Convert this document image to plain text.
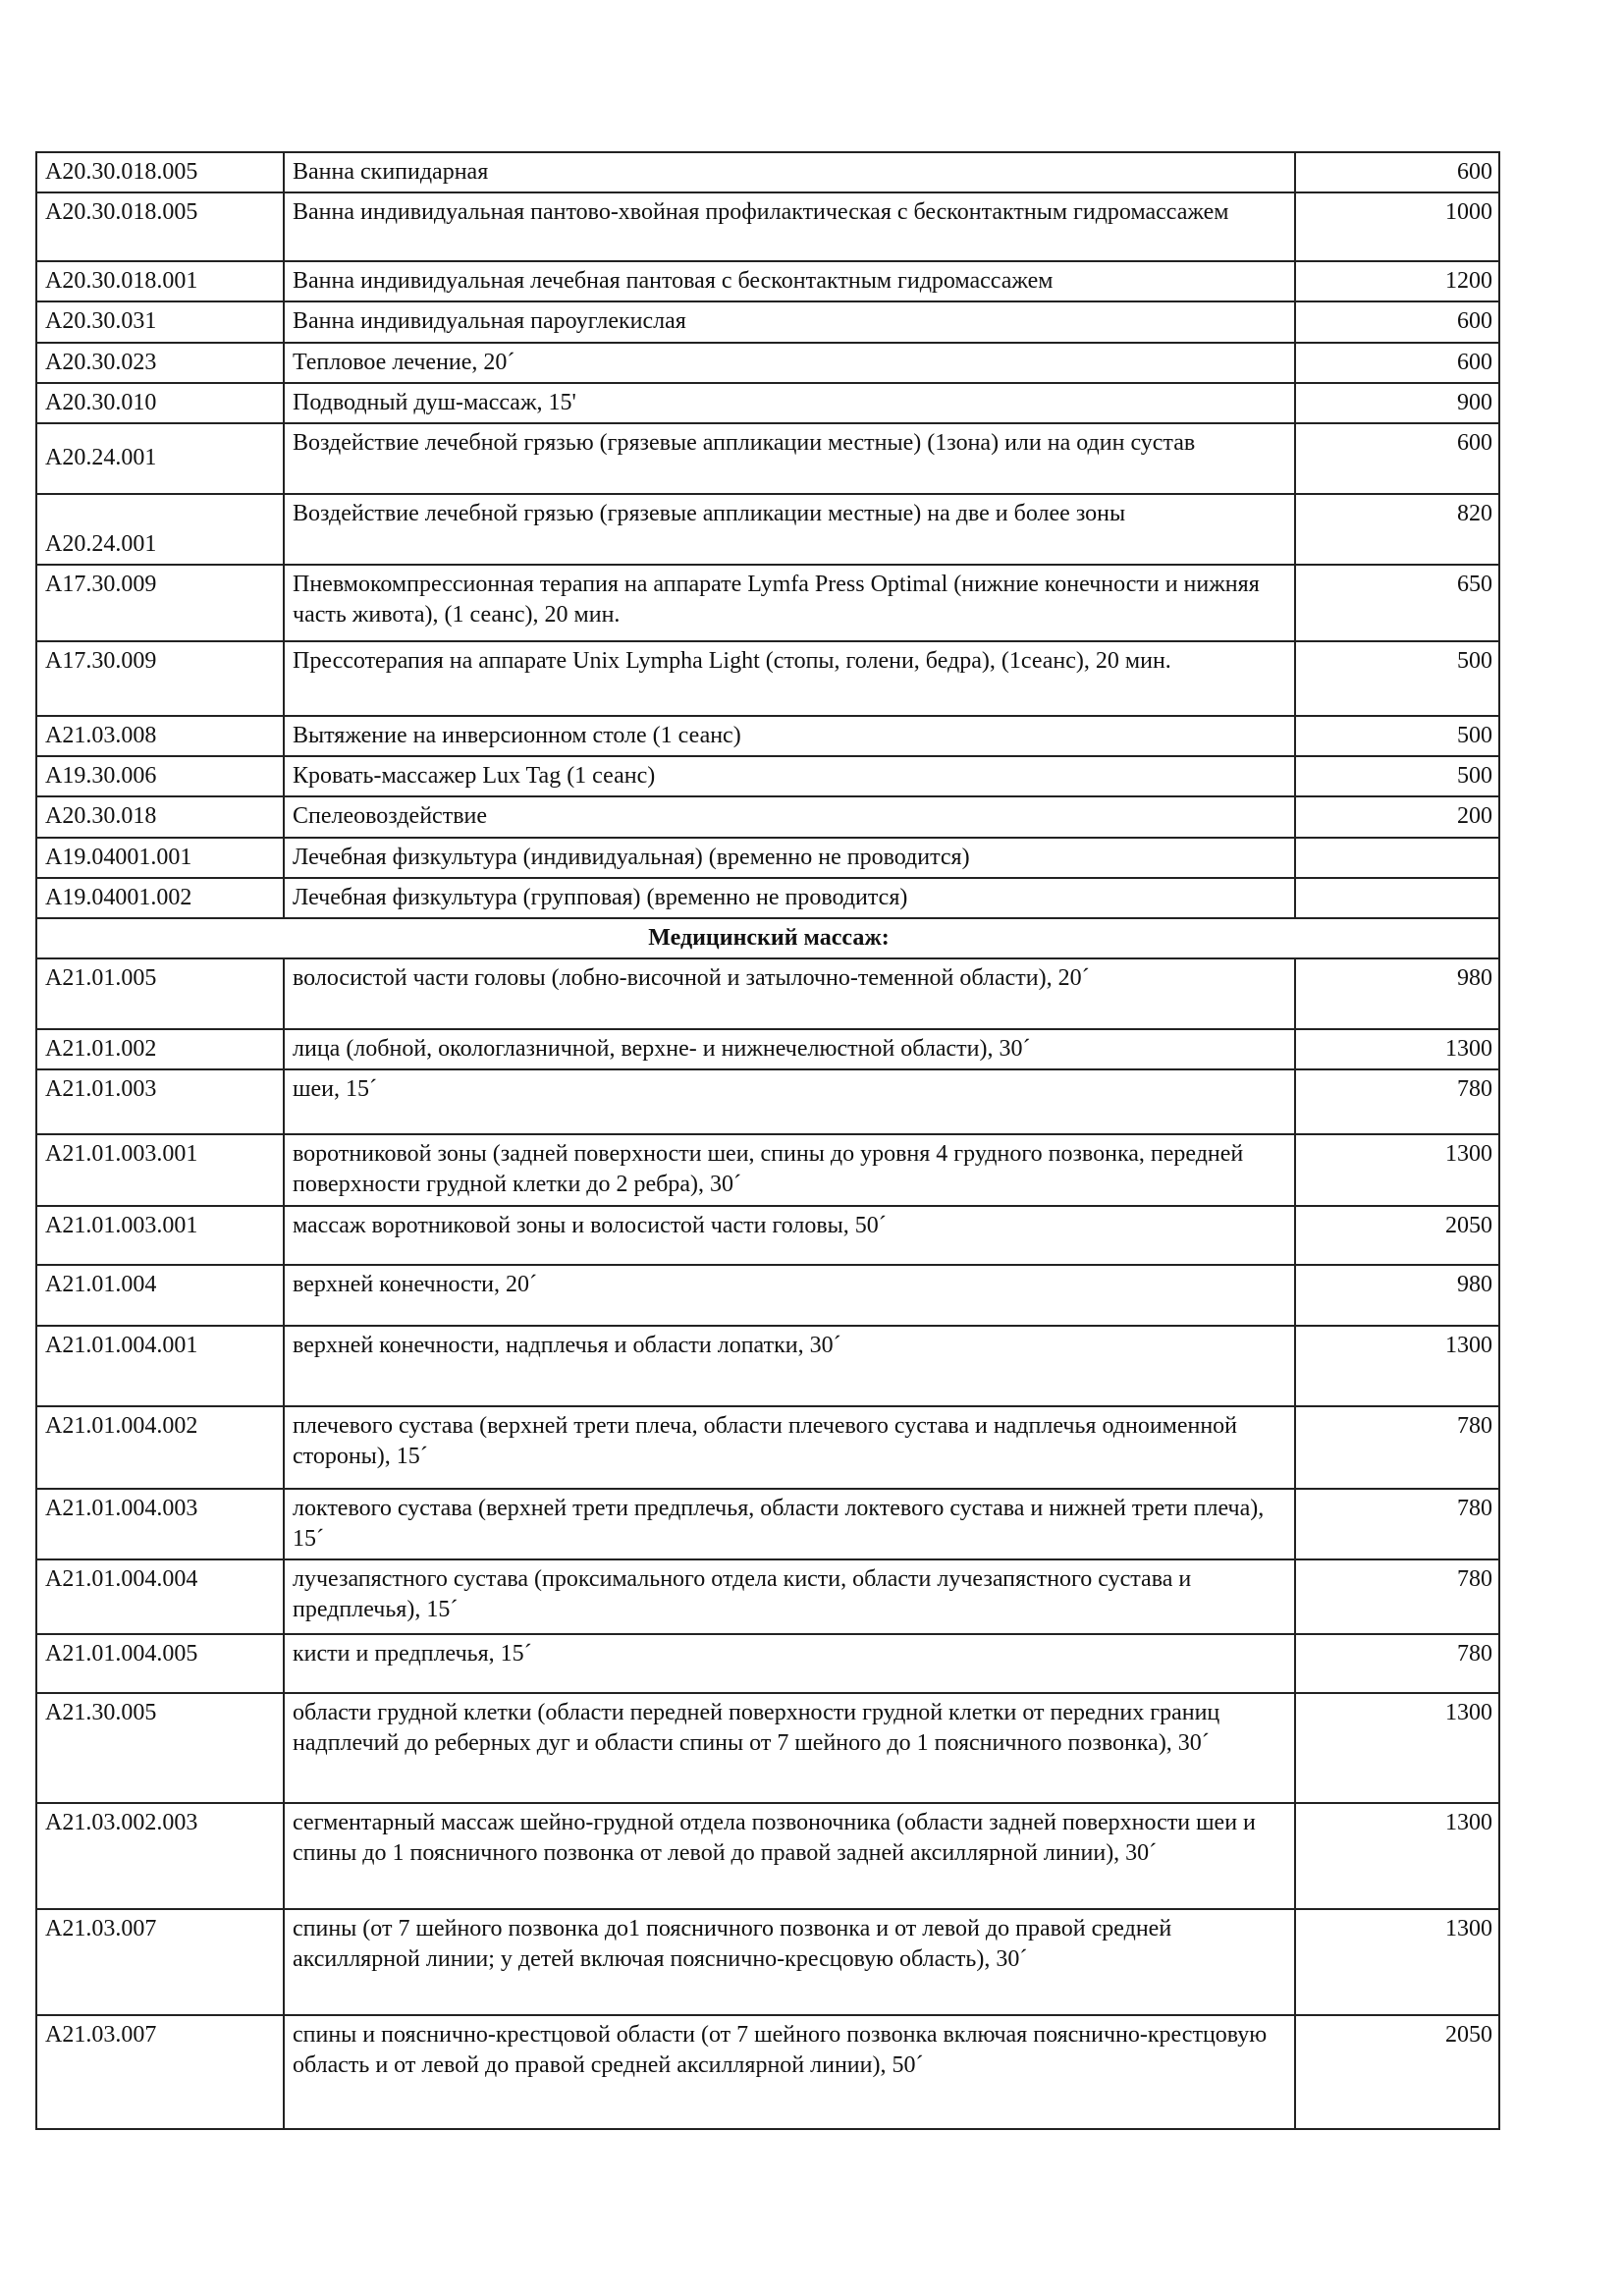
A20.30.018.005	Ванна скипидарная	600
A20.30.018.005	Ванна индивидуальная пантово-хвойная профилактическая с бесконтактным гидромассажем	1000
A20.30.018.001	Ванна индивидуальная лечебная пантовая с бесконтактным гидромассажем	1200
A20.30.031	Ванна индивидуальная пароуглекислая	600
A20.30.023	Тепловое лечение, 20´	600
A20.30.010	Подводный душ-массаж, 15'	900
A20.24.001	Воздействие лечебной грязью (грязевые аппликации местные) (1зона) или на один сустав	600
A20.24.001	Воздействие лечебной грязью (грязевые аппликации местные) на две и более зоны	820
A17.30.009	Пневмокомпрессионная терапия на аппарате Lymfa Press Optimal (нижние конечности и нижняя часть живота), (1 сеанс), 20 мин.	650
A17.30.009	Прессотерапия на аппарате Unix Lympha Light (стопы, голени, бедра), (1сеанс), 20 мин.	500
A21.03.008	Вытяжение на инверсионном столе (1 сеанс)	500
A19.30.006	Кровать-массажер Lux Tag (1 сеанс)	500
A20.30.018	Спелеовоздействие	200
A19.04001.001	Лечебная физкультура (индивидуальная) (временно не проводится)	
A19.04001.002	Лечебная физкультура (групповая) (временно не проводится)	
Медицинский массаж:		
A21.01.005	волосистой части головы (лобно-височной и затылочно-теменной области), 20´	980
A21.01.002	лица (лобной, окологлазничной, верхне- и нижнечелюстной области), 30´	1300
A21.01.003	шеи, 15´	780
A21.01.003.001	воротниковой зоны (задней поверхности шеи, спины до уровня 4 грудного позвонка, передней поверхности грудной клетки до 2 ребра), 30´	1300
A21.01.003.001	массаж воротниковой зоны и волосистой части головы, 50´	2050
A21.01.004	верхней конечности, 20´	980
A21.01.004.001	верхней конечности, надплечья и области лопатки, 30´	1300
A21.01.004.002	плечевого сустава (верхней трети плеча, области плечевого сустава и надплечья одноименной стороны), 15´	780
A21.01.004.003	локтевого сустава (верхней трети предплечья, области локтевого сустава и нижней трети плеча), 15´	780
A21.01.004.004	лучезапястного сустава (проксимального отдела кисти, области лучезапястного сустава и предплечья), 15´	780
A21.01.004.005	кисти и предплечья, 15´	780
A21.30.005	области грудной клетки (области передней поверхности грудной клетки от передних границ надплечий до реберных дуг и области спины от 7 шейного до 1 поясничного позвонка), 30´	1300
A21.03.002.003	сегментарный массаж шейно-грудной отдела позвоночника (области задней поверхности шеи и спины до 1 поясничного позвонка от левой до правой задней аксиллярной линии), 30´	1300
A21.03.007	спины (от 7 шейного позвонка до1 поясничного позвонка и от левой до правой средней аксиллярной линии; у детей включая пояснично-кресцовую область), 30´	1300
A21.03.007	спины и пояснично-крестцовой области (от 7 шейного позвонка включая пояснично-крестцовую область и от левой до правой средней аксиллярной линии), 50´	2050
